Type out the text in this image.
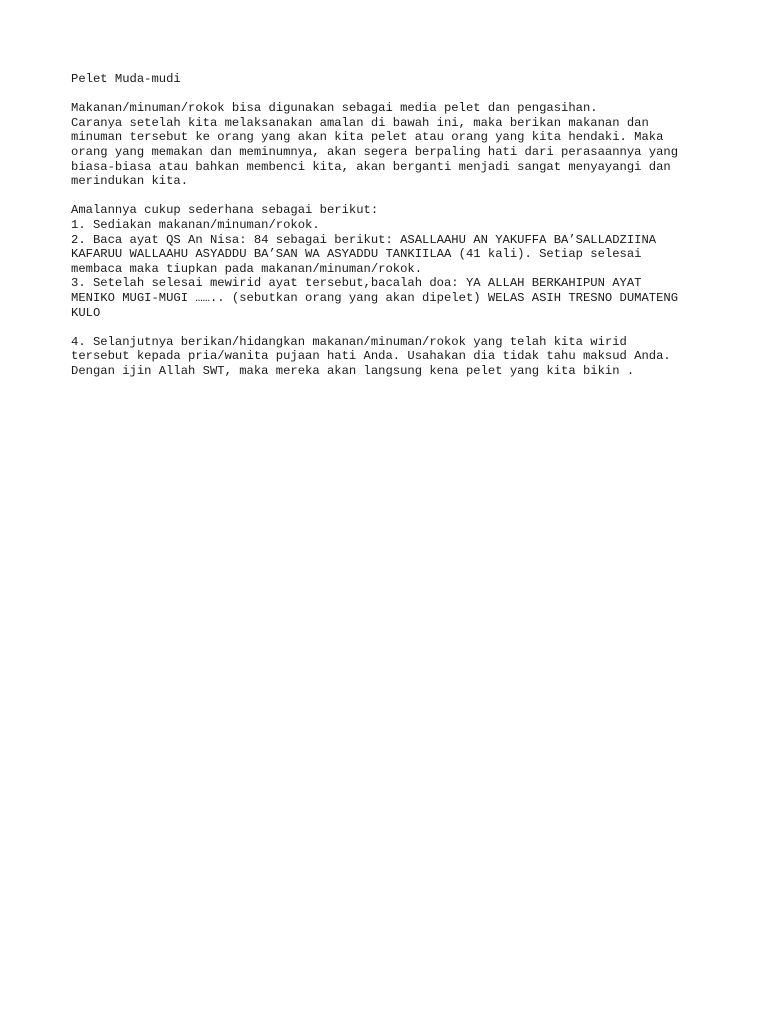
Pelet Muda-mudi
Makanan/minuman/rokok bisa digunakan sebagai media pelet dan pengasihan.
Caranya setelah kita melaksanakan amalan di bawah ini, maka berikan makanan dan
minuman tersebut ke orang yang akan kita pelet atau orang yang kita hendaki. Maka
orang yang memakan dan meminumnya, akan segera berpaling hati dari perasaannya yang
biasa-biasa atau bahkan membenci kita, akan berganti menjadi sangat menyayangi dan
merindukan kita.
Amalannya cukup sederhana sebagai berikut:
1. Sediakan makanan/minuman/rokok.
2. Baca ayat QS An Nisa: 84 sebagai berikut: ASALLAAHU AN YAKUFFA BA’SALLADZIINA
KAFARUU WALLAAHU ASYADDU BA’SAN WA ASYADDU TANKIILAA (41 kali). Setiap selesai
membaca maka tiupkan pada makanan/minuman/rokok.
3. Setelah selesai mewirid ayat tersebut,bacalah doa: YA ALLAH BERKAHIPUN AYAT
MENIKO MUGI-MUGI …….. (sebutkan orang yang akan dipelet) WELAS ASIH TRESNO DUMATENG
KULO
4. Selanjutnya berikan/hidangkan makanan/minuman/rokok yang telah kita wirid
tersebut kepada pria/wanita pujaan hati Anda. Usahakan dia tidak tahu maksud Anda.
Dengan ijin Allah SWT, maka mereka akan langsung kena pelet yang kita bikin .
